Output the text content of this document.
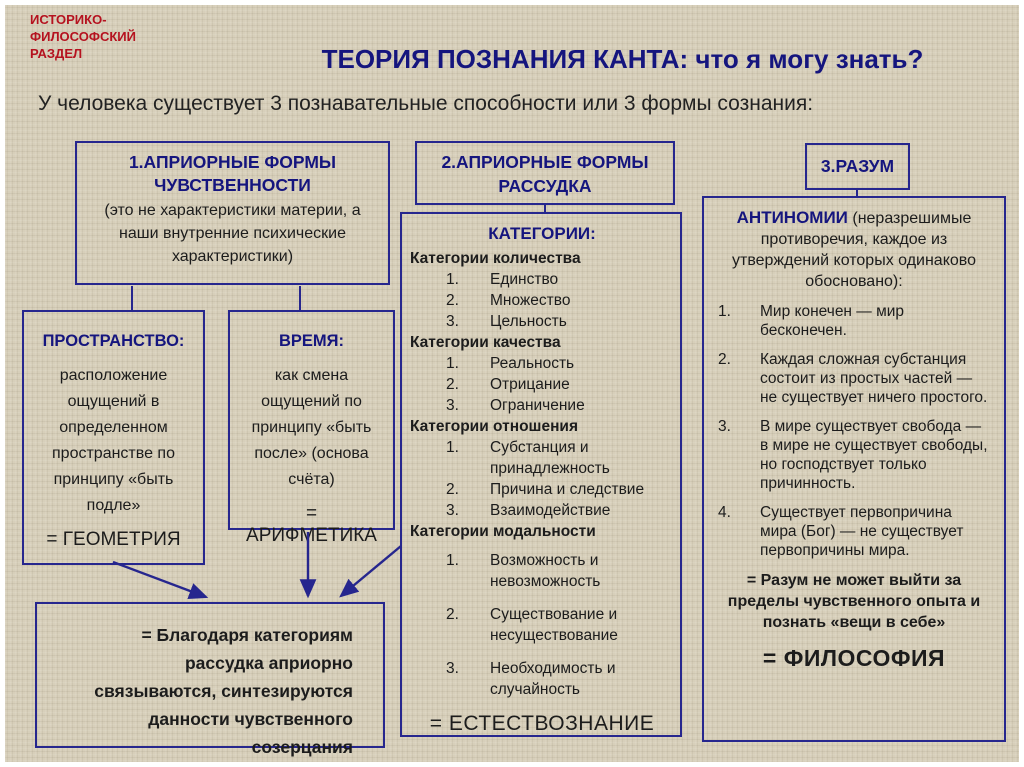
ИСТОРИКО-ФИЛОСОФСКИЙ РАЗДЕЛ	ТЕОРИЯ ПОЗНАНИЯ КАНТА: что я могу знать?
У человека существует 3 познавательные способности или 3 формы сознания:
1.АПРИОРНЫЕ ФОРМЫ ЧУВСТВЕННОСТИ
(это не характеристики материи, а наши внутренние психические характеристики)
ПРОСТРАНСТВО:
расположение ощущений в определенном пространстве по принципу «быть подле»
= ГЕОМЕТРИЯ
ВРЕМЯ:
как смена ощущений по принципу «быть после» (основа счёта)
= АРИФМЕТИКА
= Благодаря категориям рассудка априорно связываются, синтезируются данности чувственного созерцания
2.АПРИОРНЫЕ ФОРМЫ РАССУДКА
КАТЕГОРИИ:
Категории количества
Единство
Множество
Цельность
Категории качества
Реальность
Отрицание
Ограничение
Категории отношения
Субстанция и принадлежность
Причина и следствие
Взаимодействие
Категории модальности
Возможность и невозможность
Существование и несуществование
Необходимость и случайность
= ЕСТЕСТВОЗНАНИЕ
3.РАЗУМ
АНТИНОМИИ (неразрешимые противоречия, каждое из утверждений которых одинаково обосновано):
Мир конечен — мир бесконечен.
Каждая сложная субстанция состоит из простых частей — не существует ничего простого.
В мире существует свобода — в мире не существует свободы, но господствует только причинность.
Существует первопричина мира (Бог) — не существует первопричины мира.
= Разум не может выйти за пределы чувственного опыта и познать «вещи в себе»
= ФИЛОСОФИЯ
